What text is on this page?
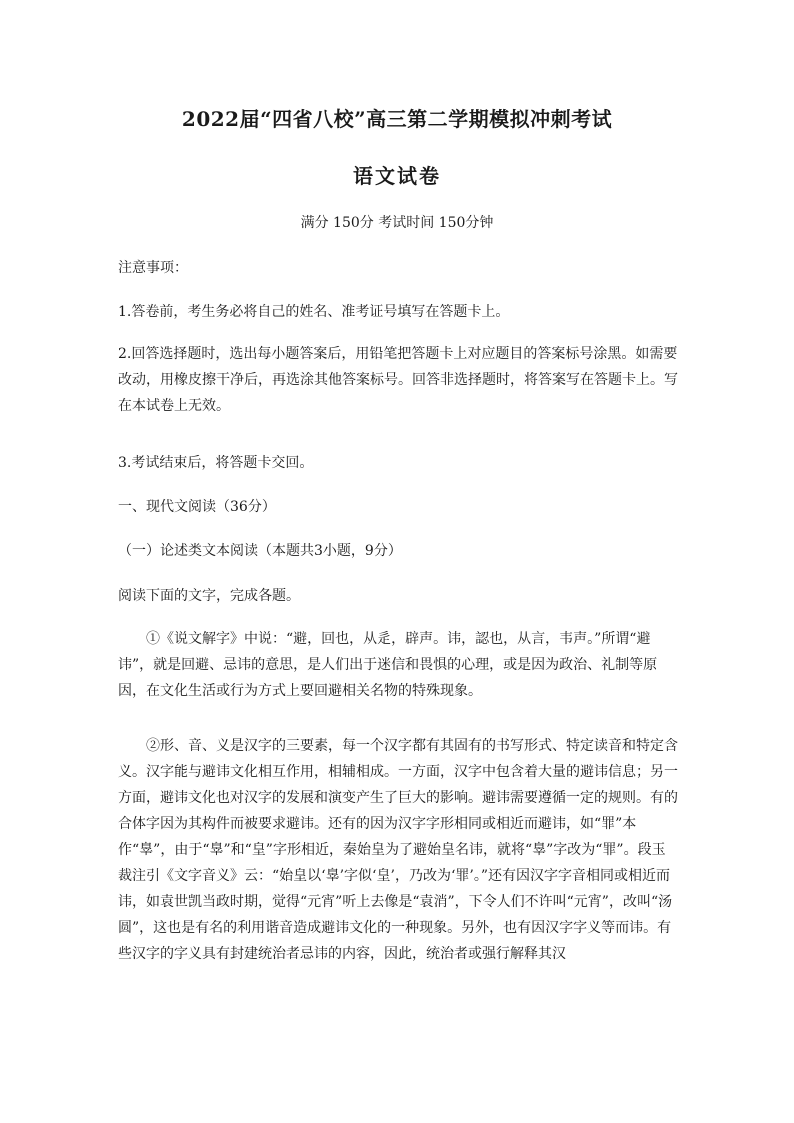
2022届“四省八校”高三第二学期模拟冲刺考试
语文试卷
满分 150分 考试时间 150分钟
注意事项：
1.答卷前，考生务必将自己的姓名、准考证号填写在答题卡上。
2.回答选择题时，选出每小题答案后，用铅笔把答题卡上对应题目的答案标号涂黑。如需要改动，用橡皮擦干净后，再选涂其他答案标号。回答非选择题时，将答案写在答题卡上。写在本试卷上无效。
3.考试结束后，将答题卡交回。
一、现代文阅读（36分）
（一）论述类文本阅读（本题共3小题，9分）
阅读下面的文字，完成各题。
①《说文解字》中说：“避，回也，从辵，辟声。讳，認也，从言，韦声。”所谓“避讳”，就是回避、忌讳的意思，是人们出于迷信和畏惧的心理，或是因为政治、礼制等原因，在文化生活或行为方式上要回避相关名物的特殊现象。
②形、音、义是汉字的三要素，每一个汉字都有其固有的书写形式、特定读音和特定含义。汉字能与避讳文化相互作用，相辅相成。一方面，汉字中包含着大量的避讳信息；另一方面，避讳文化也对汉字的发展和演变产生了巨大的影响。避讳需要遵循一定的规则。有的合体字因为其构件而被要求避讳。还有的因为汉字字形相同或相近而避讳，如“罪”本作“辠”，由于“辠”和“皇”字形相近，秦始皇为了避始皇名讳，就将“辠”字改为“罪”。段玉裁注引《文字音义》云：“始皇以‘辠’字似‘皇’，乃改为‘罪’。”还有因汉字字音相同或相近而讳，如袁世凯当政时期，觉得“元宵”听上去像是“袁消”，下令人们不许叫“元宵”，改叫“汤圆”，这也是有名的利用谐音造成避讳文化的一种现象。另外，也有因汉字字义等而讳。有些汉字的字义具有封建统治者忌讳的内容，因此，统治者或强行解释其汉
